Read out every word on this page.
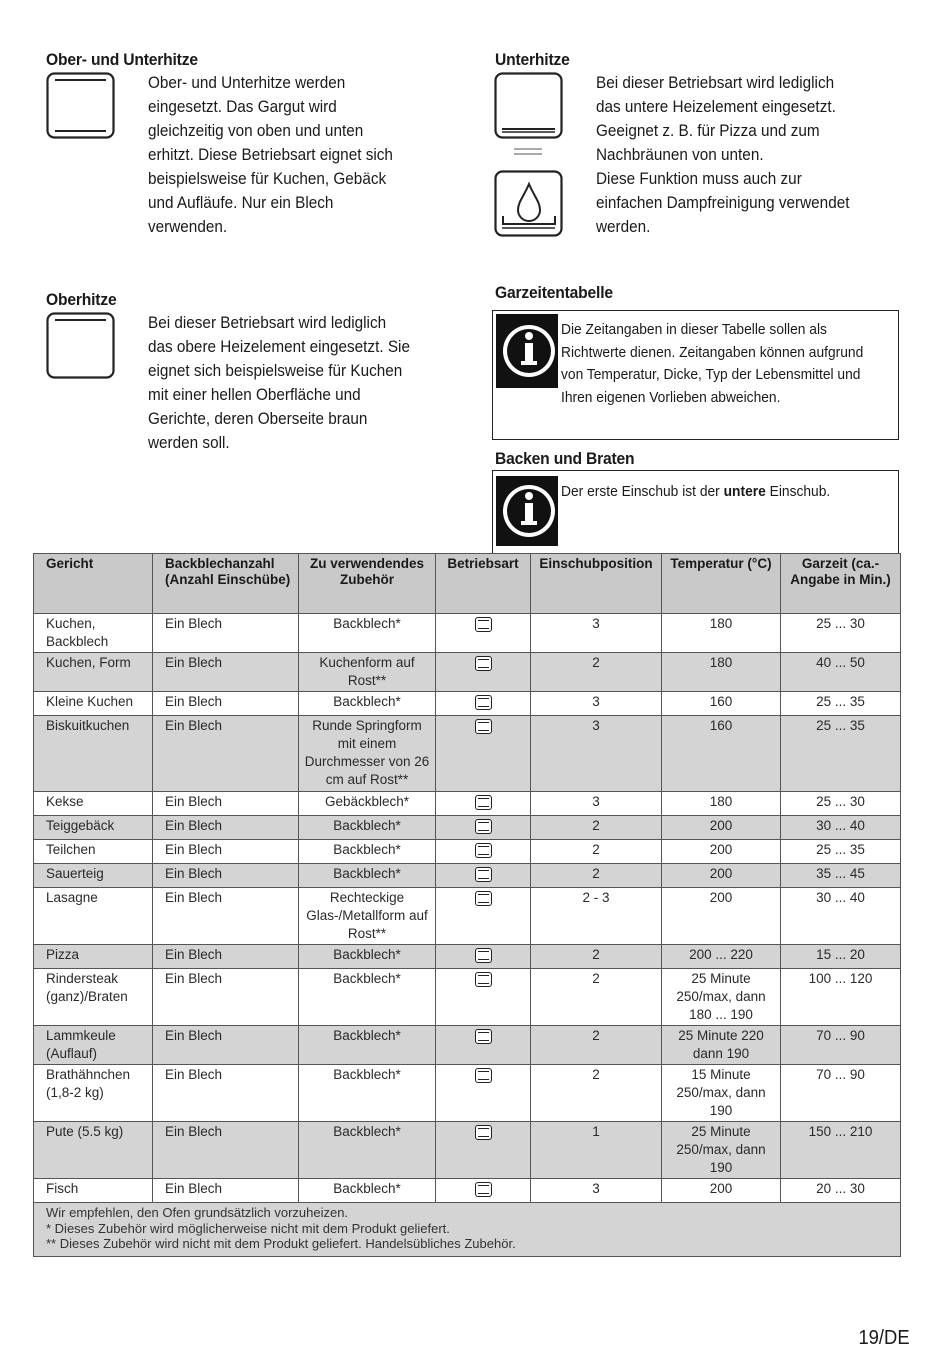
Ober- und Unterhitze
Ober- und Unterhitze werden
eingesetzt. Das Gargut wird
gleichzeitig von oben und unten
erhitzt. Diese Betriebsart eignet sich
beispielsweise für Kuchen, Gebäck
und Aufläufe. Nur ein Blech
verwenden.
Unterhitze
Bei dieser Betriebsart wird lediglich
das untere Heizelement eingesetzt.
Geeignet z. B. für Pizza und zum
Nachbräunen von unten.
Diese Funktion muss auch zur
einfachen Dampfreinigung verwendet
werden.
Oberhitze
Bei dieser Betriebsart wird lediglich
das obere Heizelement eingesetzt. Sie
eignet sich beispielsweise für Kuchen
mit einer hellen Oberfläche und
Gerichte, deren Oberseite braun
werden soll.
Garzeitentabelle
Die Zeitangaben in dieser Tabelle sollen als Richtwerte dienen. Zeitangaben können aufgrund von Temperatur, Dicke, Typ der Lebensmittel und Ihren eigenen Vorlieben abweichen.
Backen und Braten
Der erste Einschub ist der untere Einschub.
Gericht	Backblechanzahl (Anzahl Einschübe)	Zu verwendendes Zubehör	Betriebsart	Einschubposition	Temperatur (°C)	Garzeit (ca.-Angabe in Min.)
Kuchen, Backblech	Ein Blech	Backblech*		3	180	25 ... 30
Kuchen, Form	Ein Blech	Kuchenform auf Rost**		2	180	40 ... 50
Kleine Kuchen	Ein Blech	Backblech*		3	160	25 ... 35
Biskuitkuchen	Ein Blech	Runde Springform mit einem Durchmesser von 26 cm auf Rost**		3	160	25 ... 35
Kekse	Ein Blech	Gebäckblech*		3	180	25 ... 30
Teiggebäck	Ein Blech	Backblech*		2	200	30 ... 40
Teilchen	Ein Blech	Backblech*		2	200	25 ... 35
Sauerteig	Ein Blech	Backblech*		2	200	35 ... 45
Lasagne	Ein Blech	Rechteckige Glas-/Metallform auf Rost**		2 - 3	200	30 ... 40
Pizza	Ein Blech	Backblech*		2	200 ... 220	15 ... 20
Rindersteak (ganz)/Braten	Ein Blech	Backblech*		2	25 Minute 250/max, dann 180 ... 190	100 ... 120
Lammkeule (Auflauf)	Ein Blech	Backblech*		2	25 Minute 220 dann 190	70 ... 90
Brathähnchen (1,8-2 kg)	Ein Blech	Backblech*		2	15 Minute 250/max, dann 190	70 ... 90
Pute (5.5 kg)	Ein Blech	Backblech*		1	25 Minute 250/max, dann 190	150 ... 210
Fisch	Ein Blech	Backblech*		3	200	20 ... 30

Wir empfehlen, den Ofen grundsätzlich vorzuheizen.
* Dieses Zubehör wird möglicherweise nicht mit dem Produkt geliefert.
** Dieses Zubehör wird nicht mit dem Produkt geliefert. Handelsübliches Zubehör.						
19/DE
